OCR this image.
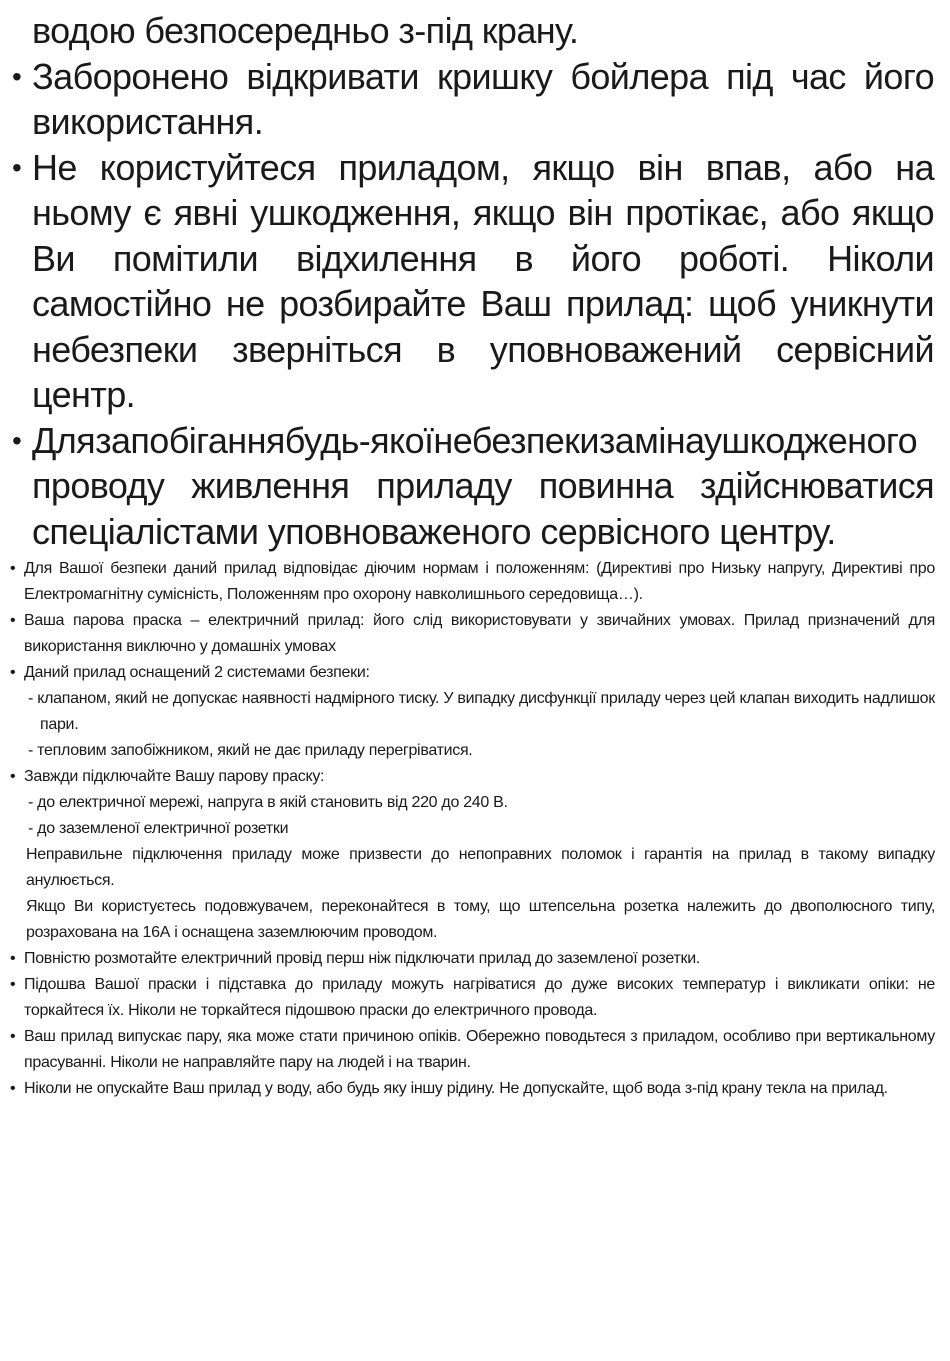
водою безпосередньо з-під крану.
• Заборонено відкривати кришку бойлера під час його використання.
• Не користуйтеся приладом, якщо він впав, або на ньому є явні ушкодження, якщо він протікає, або якщо Ви помітили відхилення в його роботі. Ніколи самостійно не розбирайте Ваш прилад: щоб уникнути небезпеки зверніться в уповноважений сервісний центр.
• Длязапобіганнябудь-якоїнебезпекизамінаушкодженого проводу живлення приладу повинна здійснюватися спеціалістами уповноваженого сервісного центру.
• Для Вашої безпеки даний прилад відповідає діючим нормам і положенням: (Директиві про Низьку напругу, Директиві про Електромагнітну сумісність, Положенням про охорону навколишнього середовища…).
• Ваша парова праска – електричний прилад: його слід використовувати у звичайних умовах. Прилад призначений для використання виключно у домашніх умовах
• Даний прилад оснащений 2 системами безпеки:
- клапаном, який не допускає наявності надмірного тиску. У випадку дисфункції приладу через цей клапан виходить надлишок пари.
- тепловим запобіжником, який не дає приладу перегріватися.
• Завжди підключайте Вашу парову праску:
- до електричної мережі, напруга в якій становить від 220 до 240 В.
- до заземленої електричної розетки
Неправильне підключення приладу може призвести до непоправних поломок і гарантія на прилад в такому випадку анулюється.
Якщо Ви користуєтесь подовжувачем, переконайтеся в тому, що штепсельна розетка належить до двополюсного типу, розрахована на 16А і оснащена заземлюючим проводом.
• Повністю розмотайте електричний провід перш ніж підключати прилад до заземленої розетки.
• Підошва Вашої праски і підставка до приладу можуть нагріватися до дуже високих температур і викликати опіки: не торкайтеся їх. Ніколи не торкайтеся підошвою праски до електричного провода.
• Ваш прилад випускає пару, яка може стати причиною опіків. Обережно поводьтеся з приладом, особливо при вертикальному прасуванні. Ніколи не направляйте пару на людей і на тварин.
• Ніколи не опускайте Ваш прилад у воду, або будь яку іншу рідину. Не допускайте, щоб вода з-під крану текла на прилад.
